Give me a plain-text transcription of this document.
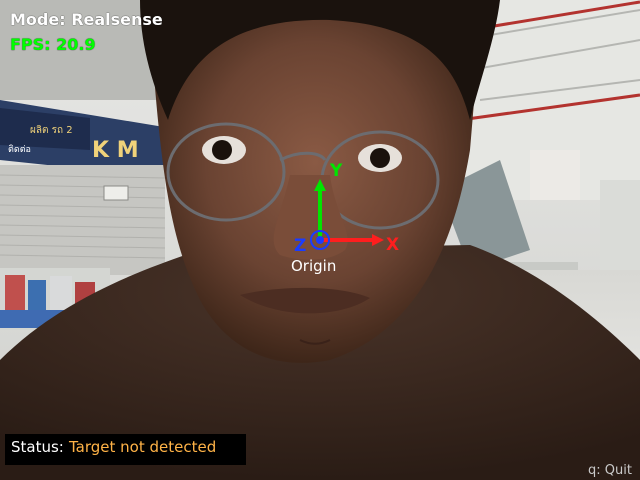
ผลิต รถ 2
ติดต่อ	K M
X
Y
Z
Origin
Mode: Realsense
FPS: 20.9
Status: Target not detected
q: Quit
